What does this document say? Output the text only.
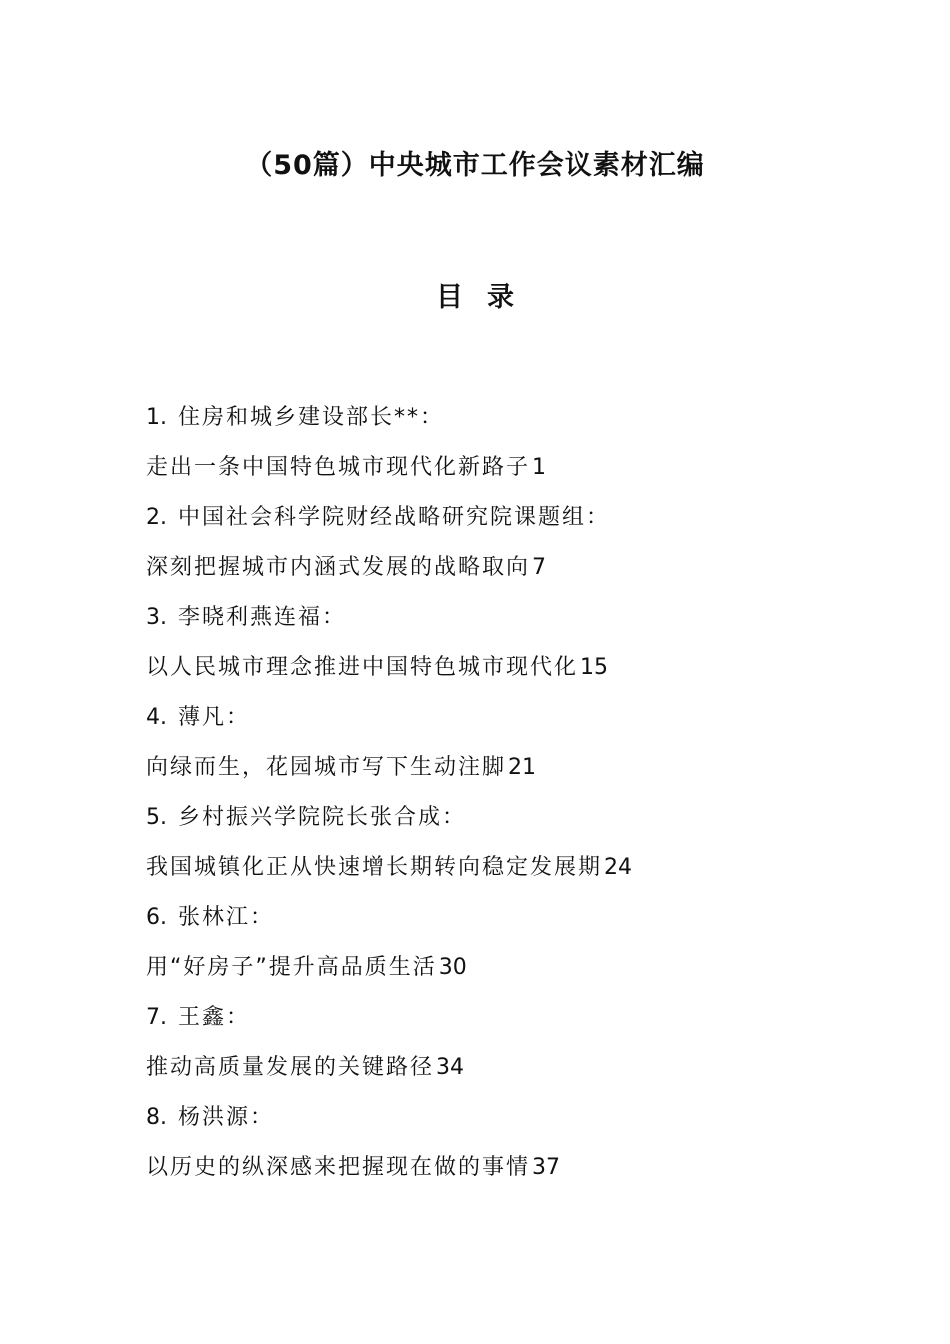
（50篇）中央城市工作会议素材汇编
目 录
1. 住房和城乡建设部长**：
走出一条中国特色城市现代化新路子1
2. 中国社会科学院财经战略研究院课题组：
深刻把握城市内涵式发展的战略取向7
3. 李晓利燕连福：
以人民城市理念推进中国特色城市现代化15
4. 薄凡：
向绿而生，花园城市写下生动注脚21
5. 乡村振兴学院院长张合成：
我国城镇化正从快速增长期转向稳定发展期24
6. 张林江：
用“好房子”提升高品质生活30
7. 王鑫：
推动高质量发展的关键路径34
8. 杨洪源：
以历史的纵深感来把握现在做的事情37
